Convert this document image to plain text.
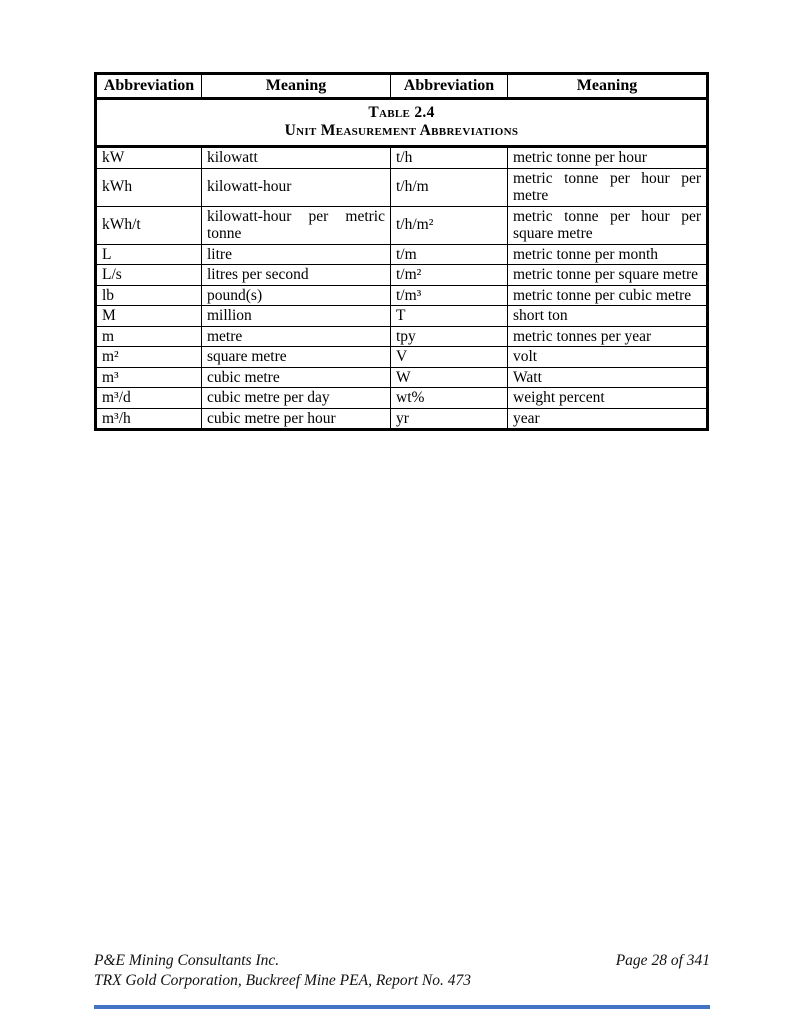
Table 2.4
Unit Measurement Abbreviations			

Abbreviation	Meaning	Abbreviation	Meaning
kW	kilowatt	t/h	metric tonne per hour
kWh	kilowatt-hour	t/h/m	metric tonne per hour per metre
kWh/t	kilowatt-hour per metric tonne	t/h/m²	metric tonne per hour per square metre
L	litre	t/m	metric tonne per month
L/s	litres per second	t/m²	metric tonne per square metre
lb	pound(s)	t/m³	metric tonne per cubic metre
M	million	T	short ton
m	metre	tpy	metric tonnes per year
m²	square metre	V	volt
m³	cubic metre	W	Watt
m³/d	cubic metre per day	wt%	weight percent
m³/h	cubic metre per hour	yr	year
P&E Mining Consultants Inc.	Page 28 of 341
TRX Gold Corporation, Buckreef Mine PEA, Report No. 473
